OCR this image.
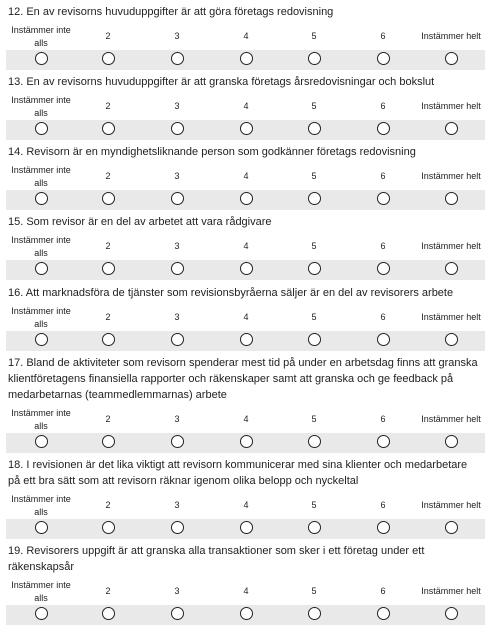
12. En av revisorns huvuduppgifter är att göra företags redovisning
Instämmer inte alls
2	3	4	5	6	Instämmer helt
13. En av revisorns huvuduppgifter är att granska företags årsredovisningar och bokslut
Instämmer inte alls
2	3	4	5	6	Instämmer helt
14. Revisorn är en myndighetsliknande person som godkänner företags redovisning
Instämmer inte alls
2	3	4	5	6	Instämmer helt
15. Som revisor är en del av arbetet att vara rådgivare
Instämmer inte alls
2	3	4	5	6	Instämmer helt
16. Att marknadsföra de tjänster som revisionsbyråerna säljer är en del av revisorers arbete
Instämmer inte alls
2	3	4	5	6	Instämmer helt
17. Bland de aktiviteter som revisorn spenderar mest tid på under en arbetsdag finns att granska klientföretagens finansiella rapporter och räkenskaper samt att granska och ge feedback på medarbetarnas (teammedlemmarnas) arbete
Instämmer inte alls
2	3	4	5	6	Instämmer helt
18. I revisionen är det lika viktigt att revisorn kommunicerar med sina klienter och medarbetare på ett bra sätt som att revisorn räknar igenom olika belopp och nyckeltal
Instämmer inte alls
2	3	4	5	6	Instämmer helt
19. Revisorers uppgift är att granska alla transaktioner som sker i ett företag under ett räkenskapsår
Instämmer inte alls
2	3	4	5	6	Instämmer helt
